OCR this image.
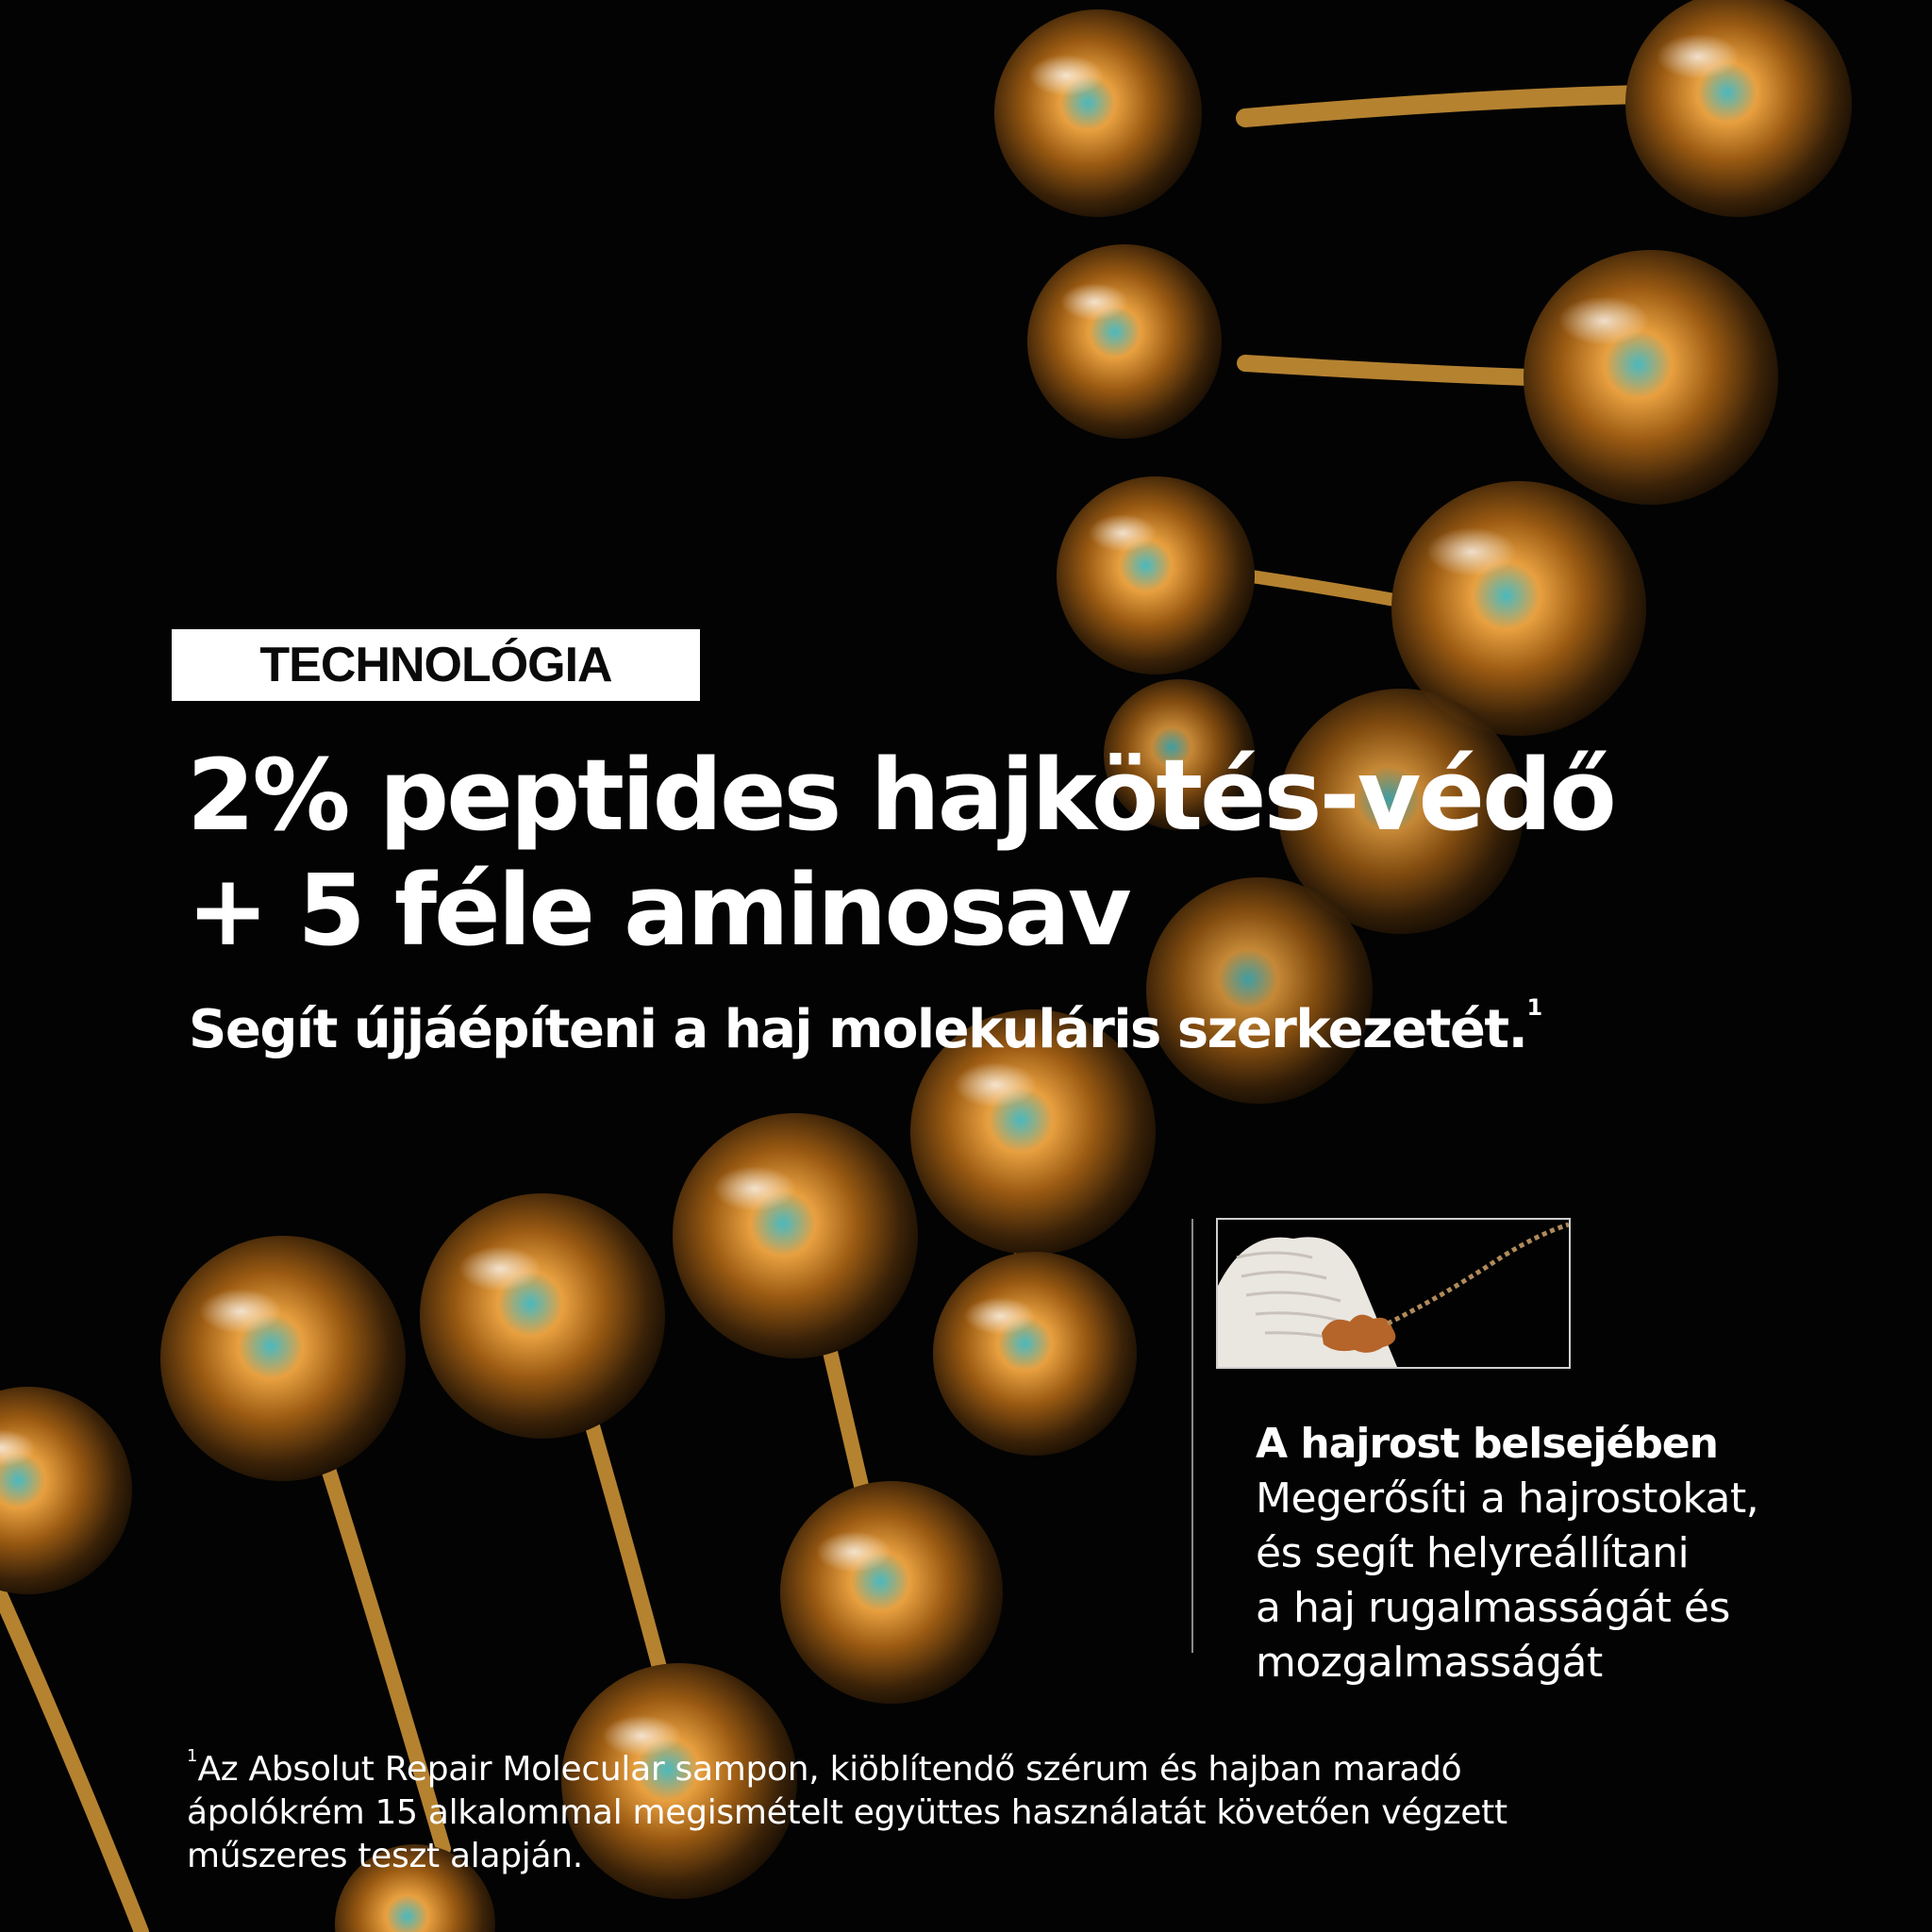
TECHNOLÓGIA
2% peptides hajkötés-védő
+ 5 féle aminosav
Segít újjáépíteni a haj molekuláris szerkezetét.$^1$
A hajrost belsejében
Megerősíti a hajrostokat,
és segít helyreállítani
a haj rugalmasságát és
mozgalmasságát
$^1$Az Absolut Repair Molecular sampon, kiöblítendő szérum és hajban maradó
ápolókrém 15 alkalommal megismételt együttes használatát követően végzett
műszeres teszt alapján.
